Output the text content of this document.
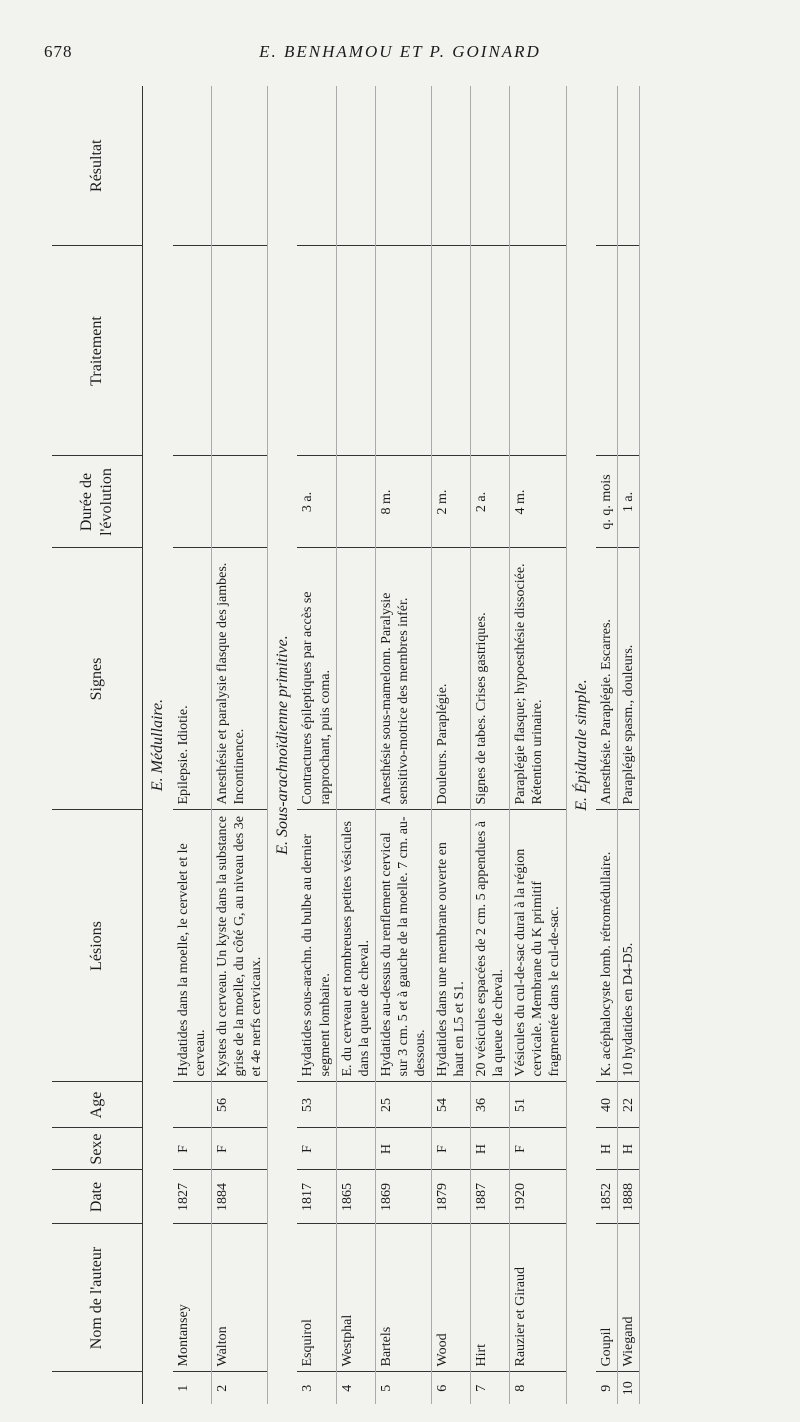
678	E. BENHAMOU ET P. GOINARD
	Nom de l'auteur	Date	Sexe	Age	Lésions	Signes	Durée de l'évolution	Traitement	Résultat
E. Médullaire.									
1	Montansey	1827	F		Hydatides dans la moelle, le cervelet et le cerveau.	Epilepsie. Idiotie.			
2	Walton	1884	F	56	Kystes du cerveau. Un kyste dans la substance grise de la moelle, du côté G, au niveau des 3e et 4e nerfs cervicaux.	Anesthésie et paralysie flasque des jambes. Incontinence.			
E. Sous-arachnoïdienne primitive.									
3	Esquirol	1817	F	53	Hydatides sous-arachn. du bulbe au dernier segment lombaire.	Contractures épileptiques par accès se rapprochant, puis coma.	3 a.		
4	Westphal	1865			E. du cerveau et nombreuses petites vésicules dans la queue de cheval.				
5	Bartels	1869	H	25	Hydatides au-dessus du renflement cervical sur 3 cm. 5 et à gauche de la moelle. 7 cm. au-dessous.	Anesthésie sous-mamelonn. Paralysie sensitivo-motrice des membres infér.	8 m.		
6	Wood	1879	F	54	Hydatides dans une membrane ouverte en haut en L5 et S1.	Douleurs. Paraplégie.	2 m.		
7	Hirt	1887	H	36	20 vésicules espacées de 2 cm. 5 appendues à la queue de cheval.	Signes de tabes. Crises gastriques.	2 a.		
8	Rauzier et Giraud	1920	F	51	Vésicules du cul-de-sac dural à la région cervicale. Membrane du K primitif fragmentée dans le cul-de-sac.	Paraplégie flasque; hypoesthésie dissociée. Rétention urinaire.	4 m.		
E. Épidurale simple.									
9	Goupil	1852	H	40	K. acéphalocyste lomb. rétromédullaire.	Anesthésie. Paraplégie. Escarres.	q. q. mois		
10	Wiegand	1888	H	22	10 hydatides en D4-D5.	Paraplégie spasm., douleurs.	1 a.		
